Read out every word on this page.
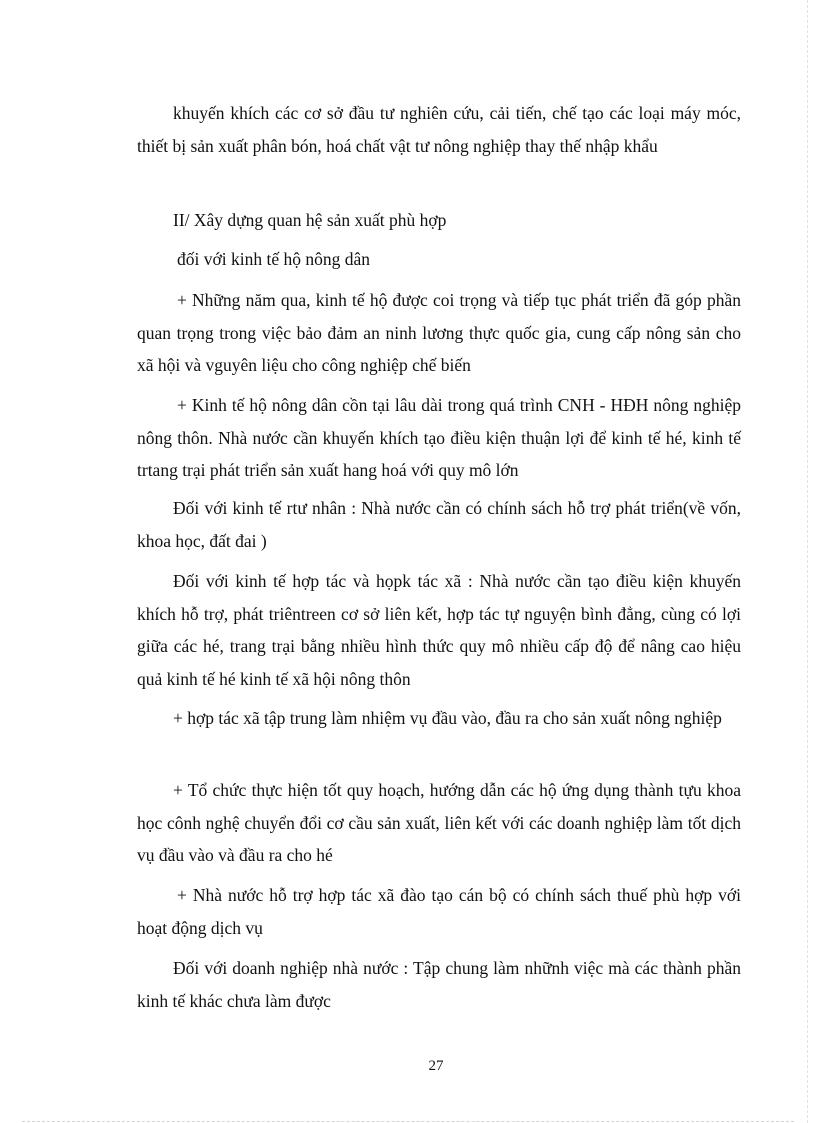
khuyến khích các cơ sở đầu tư nghiên cứu, cải tiến, chế tạo các loại máy móc, thiết bị sản xuất phân bón, hoá chất vật tư nông nghiệp thay thế nhập khẩu

II/ Xây dựng quan hệ sản xuất phù hợp

đối với kinh tế hộ nông dân

+ Những năm qua, kinh tế hộ được coi trọng và tiếp tục phát triển đã góp phần quan trọng trong việc bảo đảm an ninh lương thực quốc gia, cung cấp nông sản cho xã hội và vguyên liệu cho công nghiệp chế biến

+ Kinh tế hộ nông dân cồn tại lâu dài trong quá trình CNH - HĐH nông nghiệp nông thôn. Nhà nước cần khuyến khích tạo điều kiện thuận lợi để kinh tế hé, kinh tế trtang trại phát triển sản xuất hang hoá với quy mô lớn

Đối với kinh tế rtư nhân : Nhà nước cần có chính sách hỗ trợ phát triển(về vốn, khoa học, đất đai )

Đối với kinh tế hợp tác và họpk tác xã : Nhà nước cần tạo điều kiện khuyến khích hỗ trợ, phát triêntreen cơ sở liên kết, hợp tác tự nguyện bình đẳng, cùng có lợi giữa các hé, trang trại bằng nhiều hình thức quy mô nhiều cấp độ để nâng cao hiệu quả kinh tế hé kinh tế xã hội nông thôn

+ hợp tác xã tập trung làm nhiệm vụ đầu vào, đầu ra cho sản xuất nông nghiệp

+ Tổ chức thực hiện tốt quy hoạch, hướng dẫn các hộ ứng dụng thành tựu khoa học cônh nghệ chuyển đổi cơ cầu sản xuất, liên kết với các doanh nghiệp làm tốt dịch vụ đầu vào và đầu ra cho hé

+ Nhà nước hỗ trợ hợp tác xã đào tạo cán bộ có chính sách thuế phù hợp với hoạt động dịch vụ

Đối với doanh nghiệp nhà nước : Tập chung làm nhữnh việc mà các thành phần kinh tế khác chưa làm được

27
